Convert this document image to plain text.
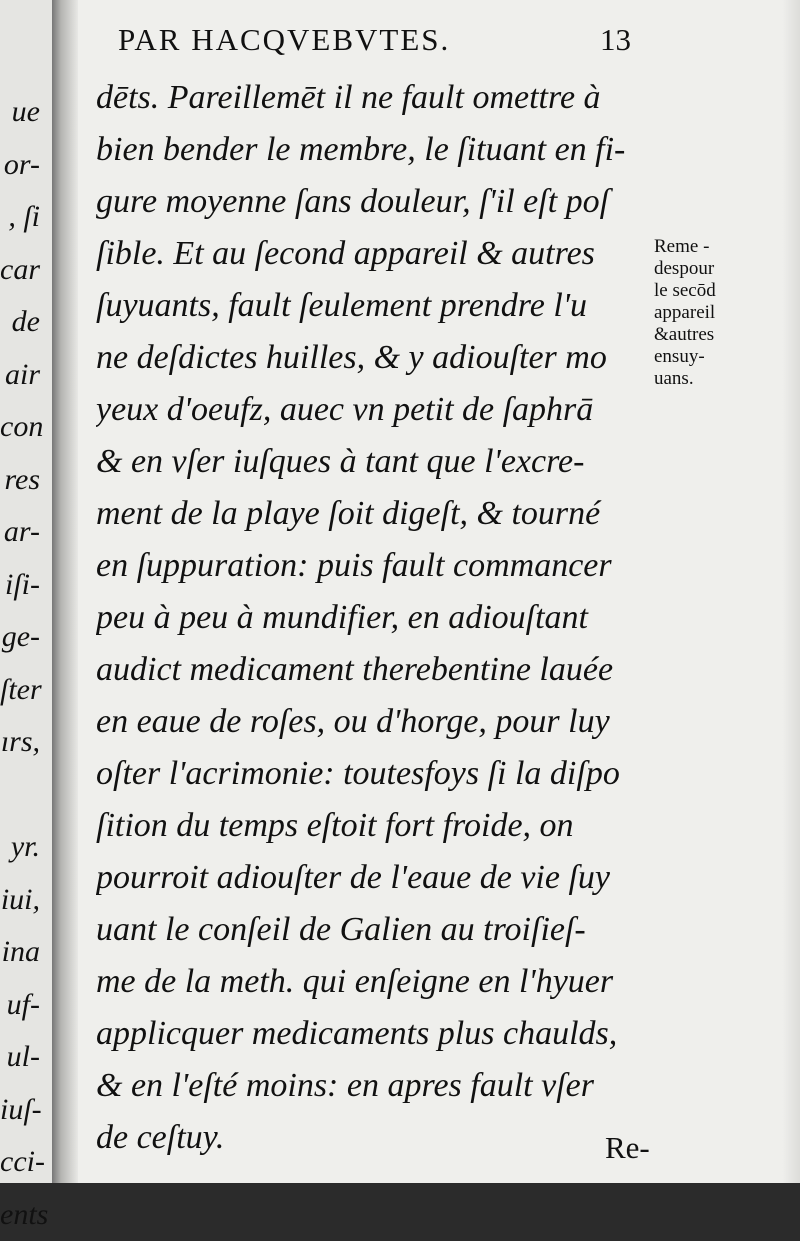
ue
or-
, ſi
car
de
air
con
res
ar-
iſi-
ge-
ſter
ırs,
yr.
iui,
ina
uf-
ul-
iuſ-
cci-
ents
PAR HACQVEBVTES.	13
dēts. Pareillemēt il ne fault omettre à
bien bender le membre, le ſituant en fi-
gure moyenne ſans douleur, ſ'il eſt poſ
ſible. Et au ſecond appareil & autres
ſuyuants, fault ſeulement prendre l'u
ne deſdictes huilles, & y adiouſter mo
yeux d'oeufz, auec vn petit de ſaphrā
& en vſer iuſques à tant que l'excre-
ment de la playe ſoit digeſt, & tourné
en ſuppuration: puis fault commancer
peu à peu à mundifier, en adiouſtant
audict medicament therebentine lauée
en eaue de roſes, ou d'horge, pour luy
oſter l'acrimonie: toutesfoys ſi la diſpo
ſition du temps eſtoit fort froide, on
pourroit adiouſter de l'eaue de vie ſuy
uant le conſeil de Galien au troiſieſ-
me de la meth. qui enſeigne en l'hyuer
applicquer medicaments plus chaulds,
& en l'eſté moins: en apres fault vſer
de ceſtuy.
Reme -
despour
le secōd
appareil
&autres
ensuy-
uans.
Re-
